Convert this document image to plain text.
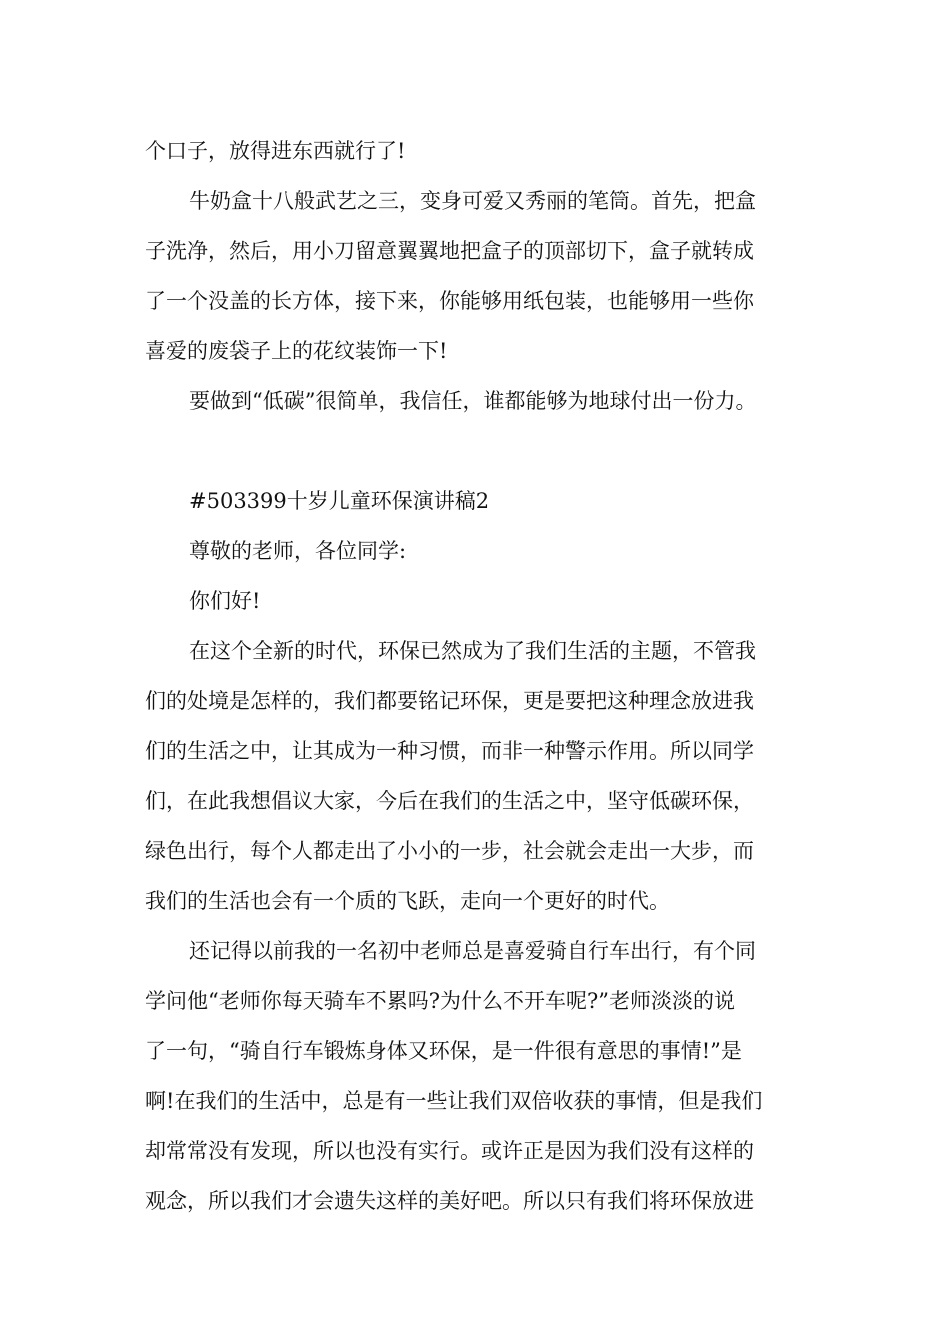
个口子，放得进东西就行了!

牛奶盒十八般武艺之三，变身可爱又秀丽的笔筒。首先，把盒

子洗净，然后，用小刀留意翼翼地把盒子的顶部切下，盒子就转成

了一个没盖的长方体，接下来，你能够用纸包装，也能够用一些你

喜爱的废袋子上的花纹装饰一下!

要做到“低碳”很简单，我信任，谁都能够为地球付出一份力。

#503399十岁儿童环保演讲稿2

尊敬的老师，各位同学:

你们好!

在这个全新的时代，环保已然成为了我们生活的主题，不管我

们的处境是怎样的，我们都要铭记环保，更是要把这种理念放进我

们的生活之中，让其成为一种习惯，而非一种警示作用。所以同学

们，在此我想倡议大家，今后在我们的生活之中，坚守低碳环保，

绿色出行，每个人都走出了小小的一步，社会就会走出一大步，而

我们的生活也会有一个质的飞跃，走向一个更好的时代。

还记得以前我的一名初中老师总是喜爱骑自行车出行，有个同

学问他“老师你每天骑车不累吗?为什么不开车呢?”老师淡淡的说

了一句，“骑自行车锻炼身体又环保，是一件很有意思的事情!”是

啊!在我们的生活中，总是有一些让我们双倍收获的事情，但是我们

却常常没有发现，所以也没有实行。或许正是因为我们没有这样的

观念，所以我们才会遗失这样的美好吧。所以只有我们将环保放进
